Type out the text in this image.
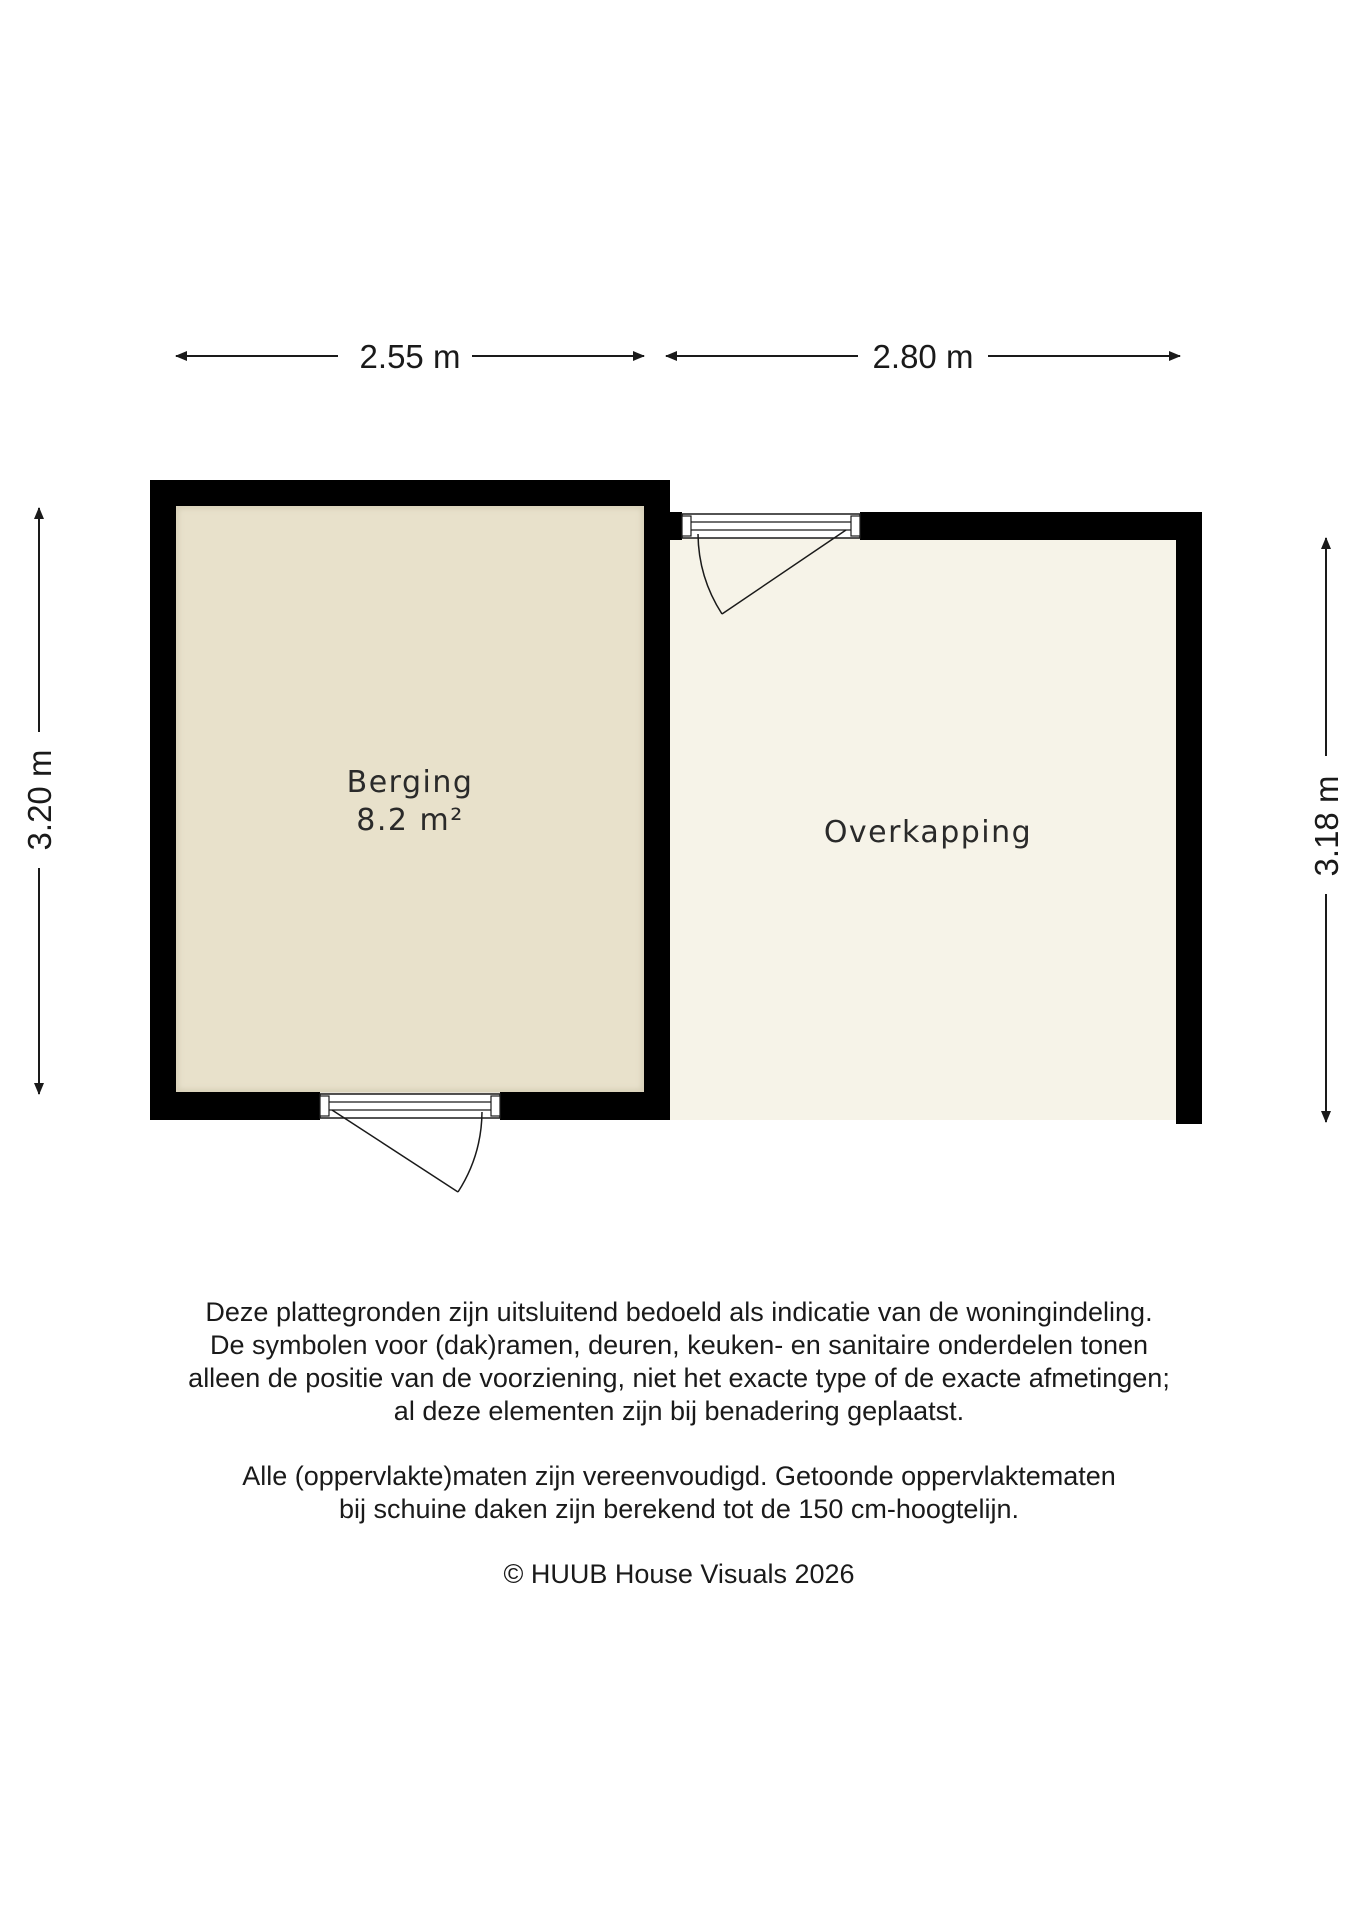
2.55 m	2.80 m
3.20 m	3.18 m
Berging
8.2 m²	Overkapping

Deze plattegronden zijn uitsluitend bedoeld als indicatie van de woningindeling.

De symbolen voor (dak)ramen, deuren, keuken- en sanitaire onderdelen tonen

alleen de positie van de voorziening, niet het exacte type of de exacte afmetingen;

al deze elementen zijn bij benadering geplaatst.

Alle (oppervlakte)maten zijn vereenvoudigd. Getoonde oppervlaktematen

bij schuine daken zijn berekend tot de 150 cm-hoogtelijn.

© HUUB House Visuals 2026
